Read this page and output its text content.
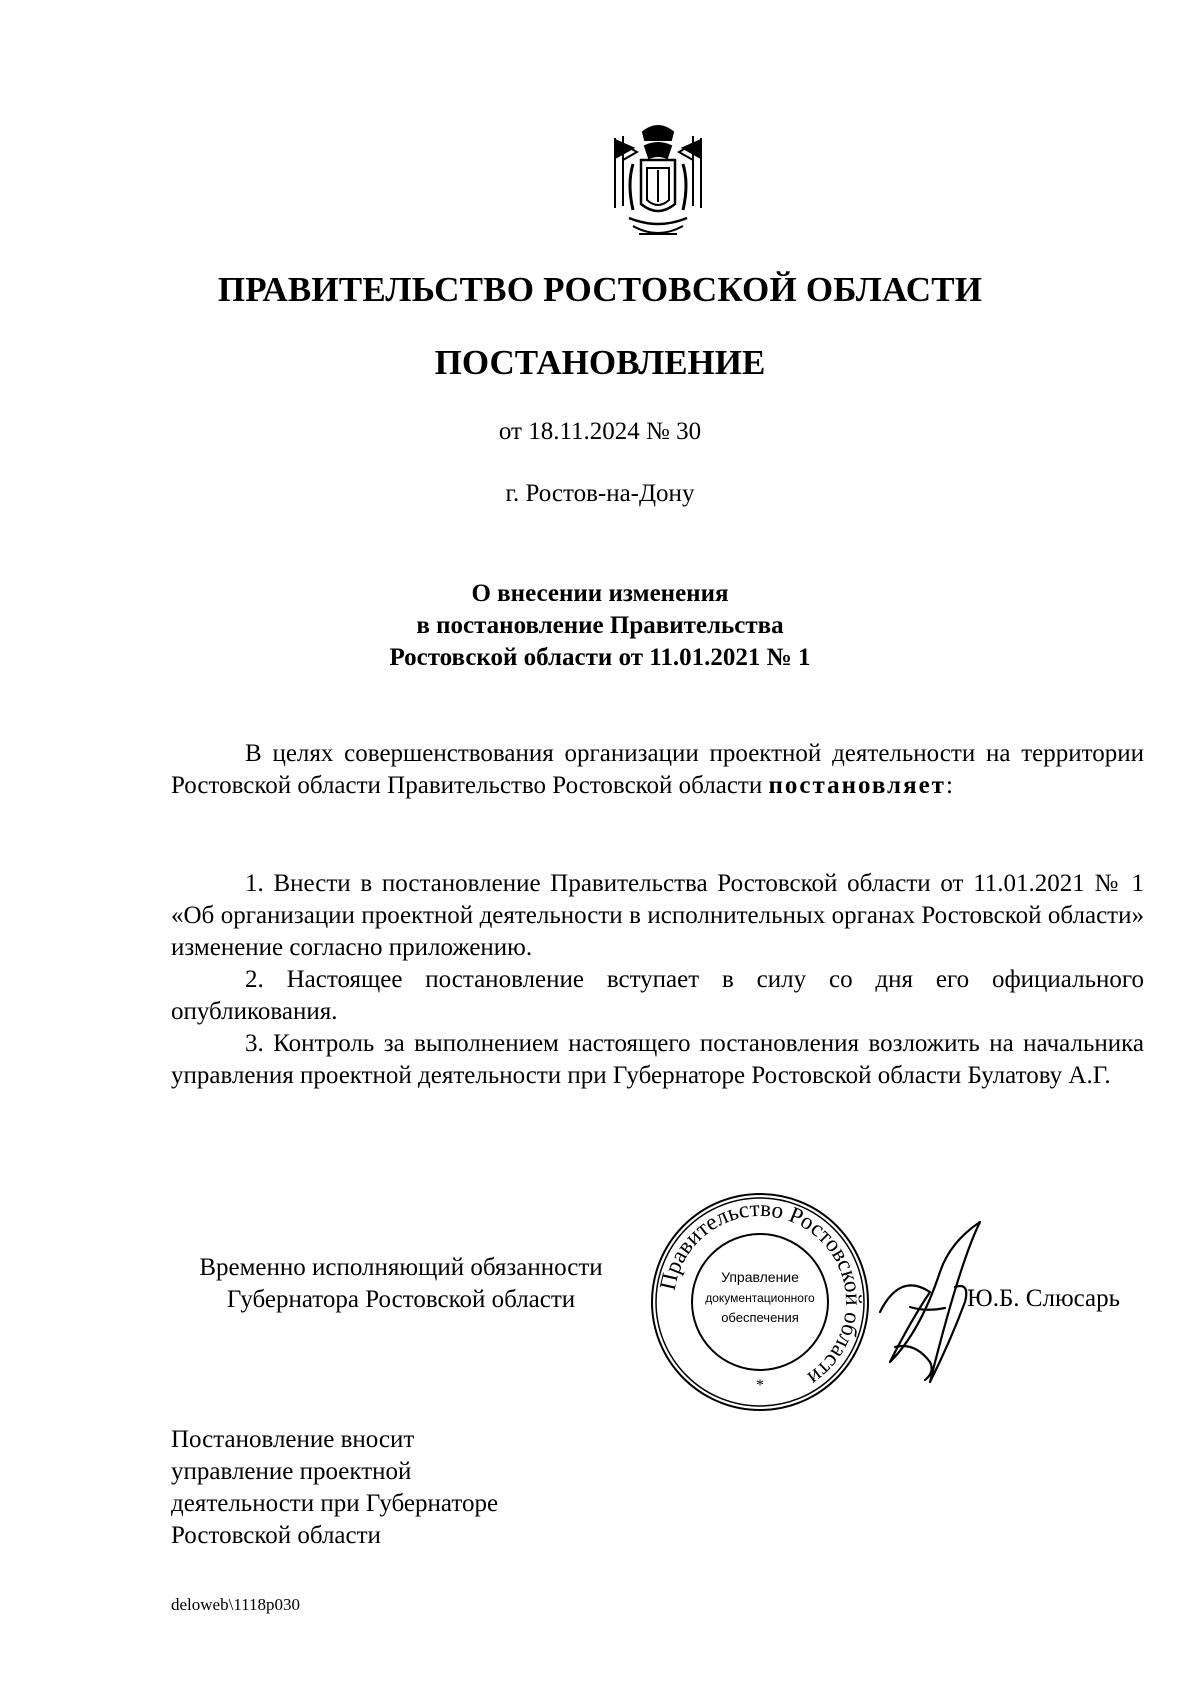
ПРАВИТЕЛЬСТВО РОСТОВСКОЙ ОБЛАСТИ
ПОСТАНОВЛЕНИЕ
от 18.11.2024 № 30
г. Ростов-на-Дону
О внесении изменения
в постановление Правительства
Ростовской области от 11.01.2021 № 1

В целях совершенствования организации проектной деятельности на территории Ростовской области Правительство Ростовской области постановляет:

1. Внести в постановление Правительства Ростовской области от 11.01.2021 № 1 «Об организации проектной деятельности в исполнительных органах Ростовской области» изменение согласно приложению.

2. Настоящее постановление вступает в силу со дня его официального опубликования.

3. Контроль за выполнением настоящего постановления возложить на начальника управления проектной деятельности при Губернаторе Ростовской области Булатову А.Г.

Временно исполняющий обязанности
Губернатора Ростовской области
Правительство Ростовской области
Управление
документационного
обеспечения
*
Ю.Б. Слюсарь
Постановление вносит
управление проектной
деятельности при Губернаторе
Ростовской области
deloweb\1118p030
